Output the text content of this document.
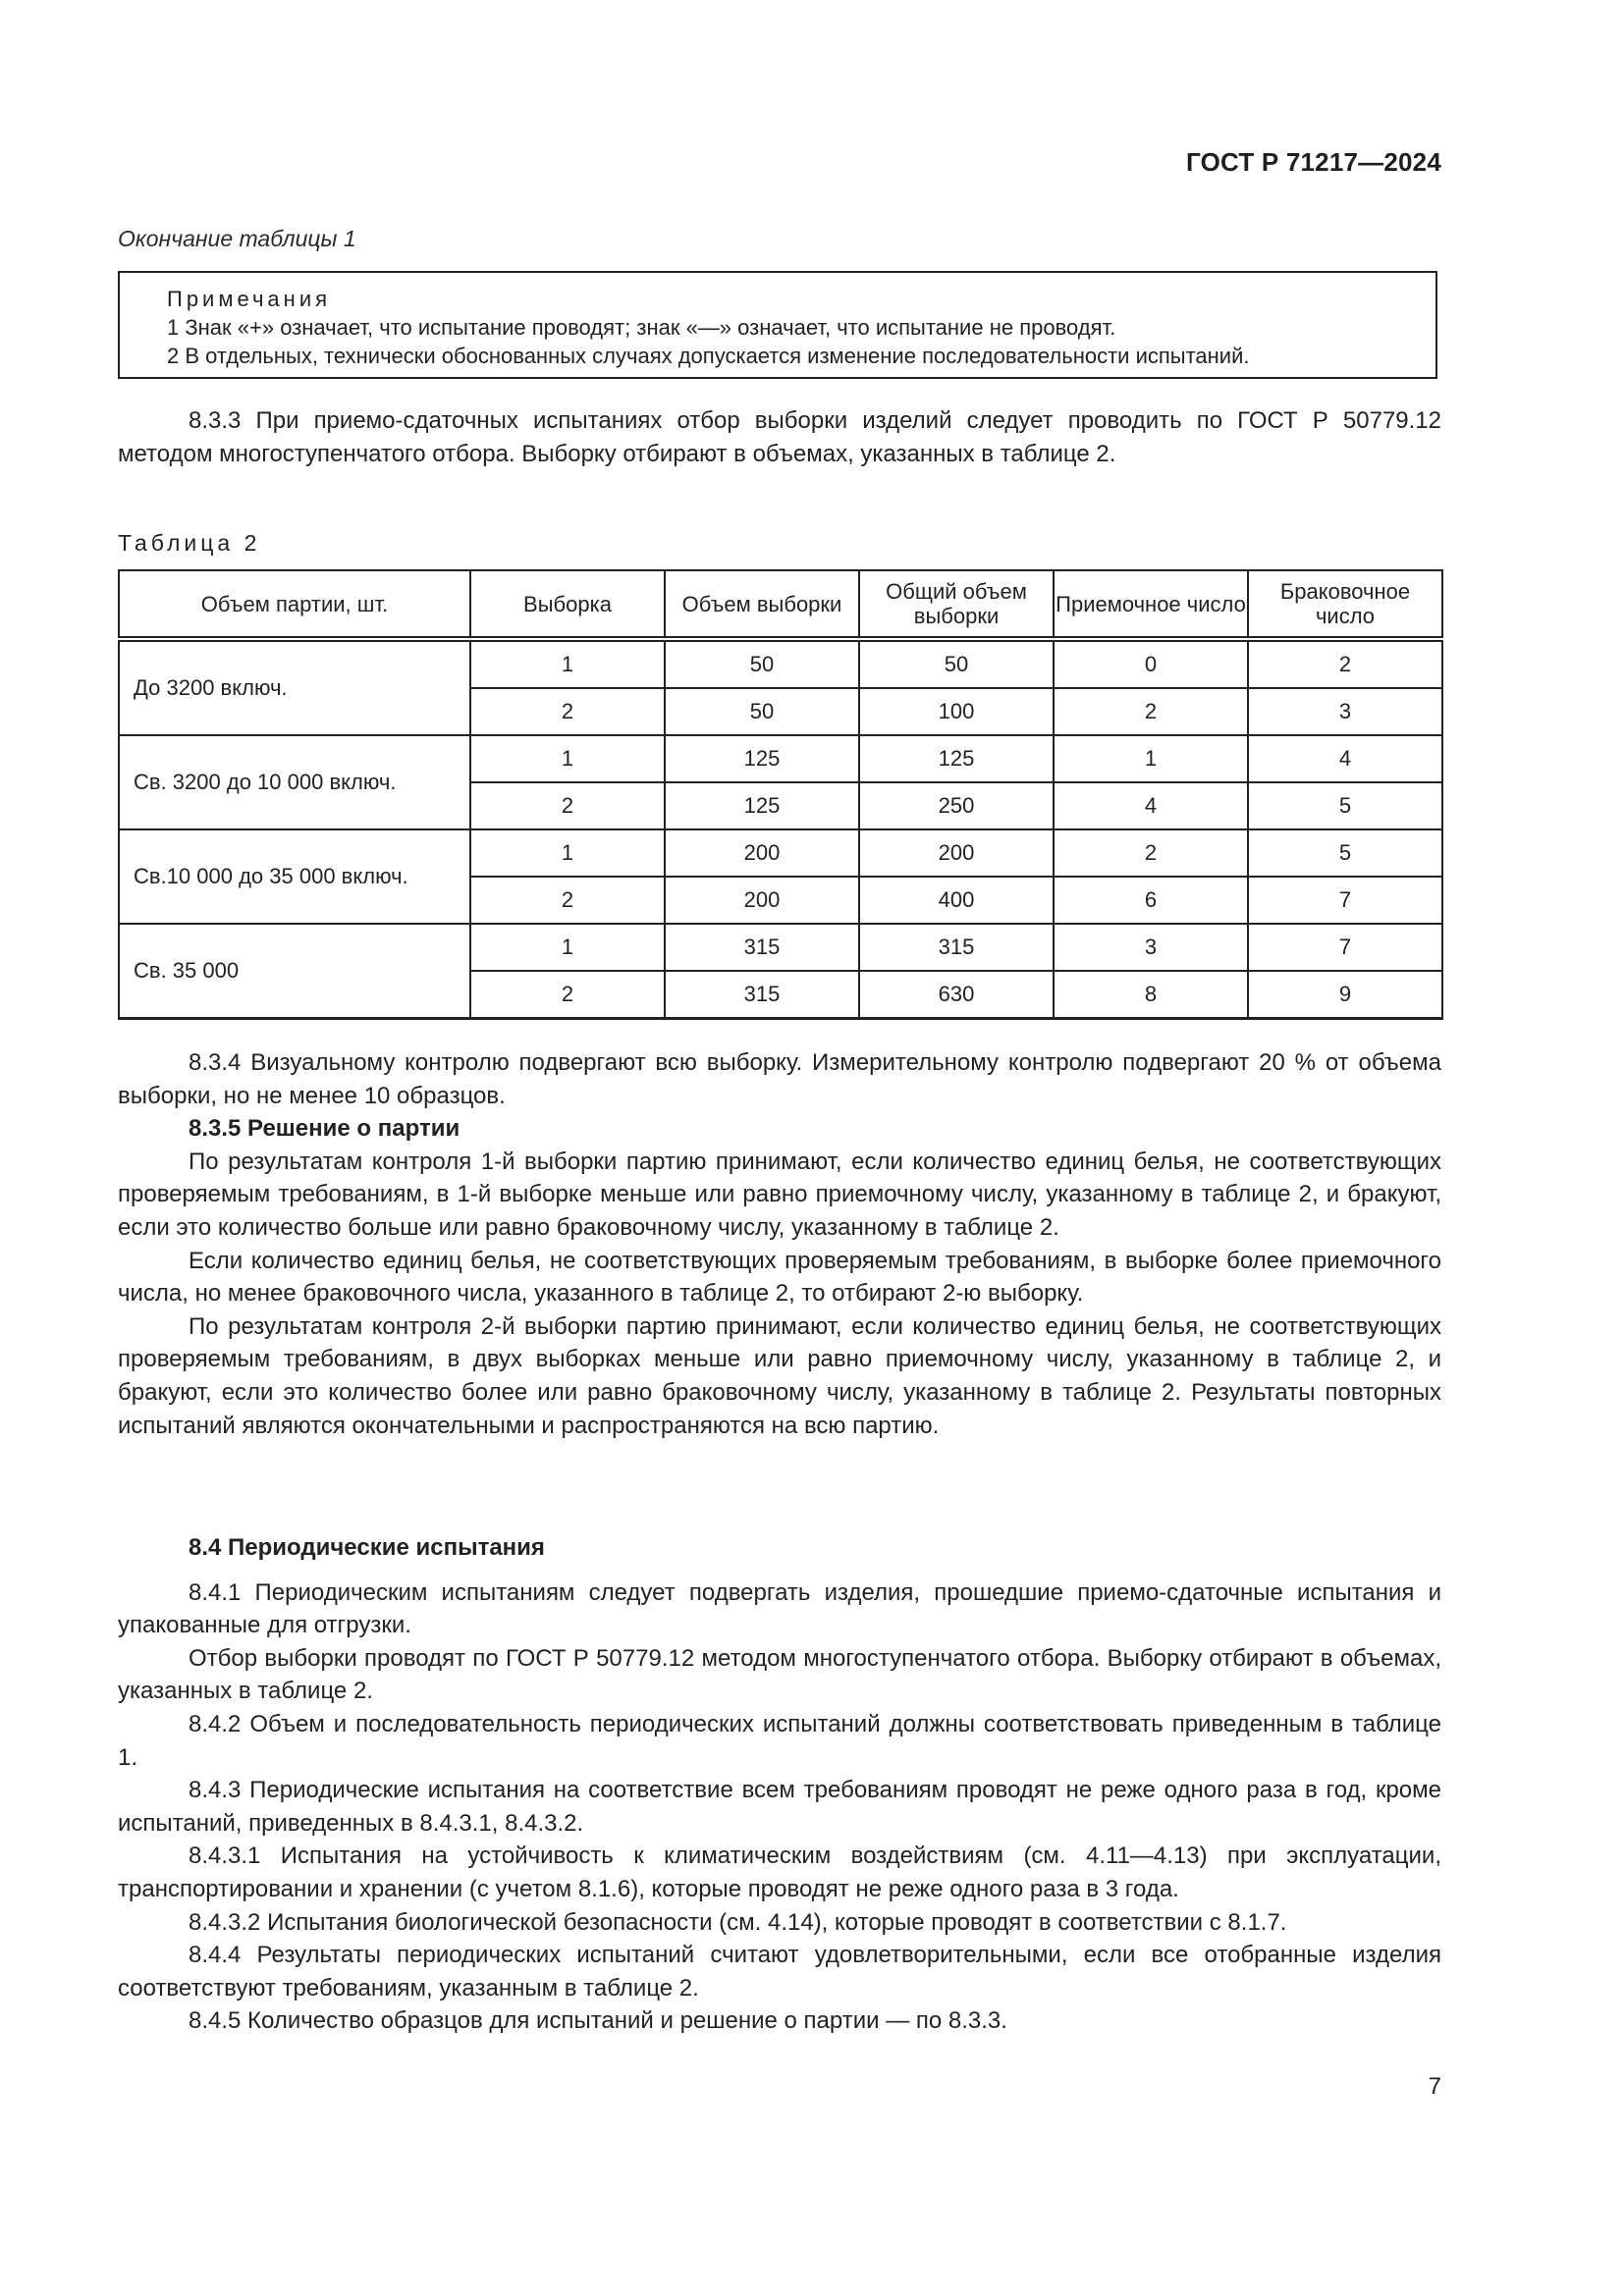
ГОСТ Р 71217—2024
Окончание таблицы 1
Примечания
1 Знак «+» означает, что испытание проводят; знак «—» означает, что испытание не проводят.
2 В отдельных, технически обоснованных случаях допускается изменение последовательности испытаний.

8.3.3 При приемо-сдаточных испытаниях отбор выборки изделий следует проводить по ГОСТ Р 50779.12 методом многоступенчатого отбора. Выборку отбирают в объемах, указанных в таблице 2.

Таблица 2
Объем партии, шт.	Выборка	Объем выборки	Общий объем выборки	Приемочное число	Браковочное число
До 3200 включ.	1	50	50	0	2
	2	50	100	2	3
Св. 3200 до 10 000 включ.	1	125	125	1	4
	2	125	250	4	5
Св.10 000 до 35 000 включ.	1	200	200	2	5
	2	200	400	6	7
Св. 35 000	1	315	315	3	7
	2	315	630	8	9

8.3.4 Визуальному контролю подвергают всю выборку. Измерительному контролю подвергают 20 % от объема выборки, но не менее 10 образцов.

8.3.5 Решение о партии

По результатам контроля 1-й выборки партию принимают, если количество единиц белья, не соответствующих проверяемым требованиям, в 1-й выборке меньше или равно приемочному числу, указанному в таблице 2, и бракуют, если это количество больше или равно браковочному числу, указанному в таблице 2.

Если количество единиц белья, не соответствующих проверяемым требованиям, в выборке более приемочного числа, но менее браковочного числа, указанного в таблице 2, то отбирают 2-ю выборку.

По результатам контроля 2-й выборки партию принимают, если количество единиц белья, не соответствующих проверяемым требованиям, в двух выборках меньше или равно приемочному числу, указанному в таблице 2, и бракуют, если это количество более или равно браковочному числу, указанному в таблице 2. Результаты повторных испытаний являются окончательными и распространяются на всю партию.

8.4 Периодические испытания

8.4.1 Периодическим испытаниям следует подвергать изделия, прошедшие приемо-сдаточные испытания и упакованные для отгрузки.

Отбор выборки проводят по ГОСТ Р 50779.12 методом многоступенчатого отбора. Выборку отбирают в объемах, указанных в таблице 2.

8.4.2 Объем и последовательность периодических испытаний должны соответствовать приведенным в таблице 1.

8.4.3 Периодические испытания на соответствие всем требованиям проводят не реже одного раза в год, кроме испытаний, приведенных в 8.4.3.1, 8.4.3.2.

8.4.3.1 Испытания на устойчивость к климатическим воздействиям (см. 4.11—4.13) при эксплуатации, транспортировании и хранении (с учетом 8.1.6), которые проводят не реже одного раза в 3 года.

8.4.3.2 Испытания биологической безопасности (см. 4.14), которые проводят в соответствии с 8.1.7.

8.4.4 Результаты периодических испытаний считают удовлетворительными, если все отобранные изделия соответствуют требованиям, указанным в таблице 2.

8.4.5 Количество образцов для испытаний и решение о партии — по 8.3.3.

7
